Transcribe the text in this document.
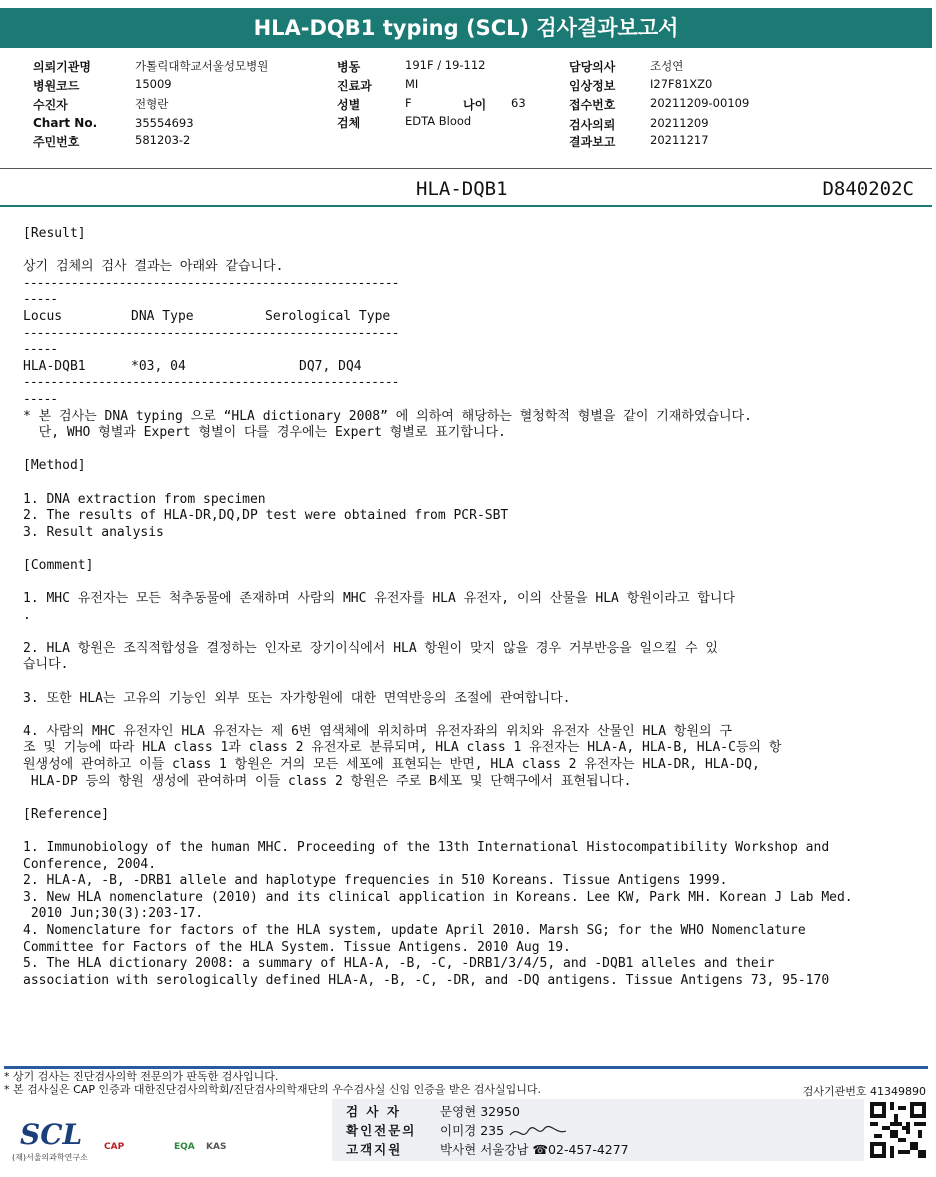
HLA-DQB1 typing (SCL) 검사결과보고서
의뢰기관명	가톨릭대학교서울성모병원
병원코드	15009
수진자	전형란
Chart No.	35554693
주민번호	581203-2
병동	191F / 19-112
진료과	MI
성별	F	나이 63
검체	EDTA Blood
담당의사	조성연
임상정보	I27F81XZ0
접수번호	20211209-00109
검사의뢰	20211209
결과보고	20211217
HLA-DQB1	D840202C

[Result]

상기 검체의 검사 결과는 아래와 같습니다.

------------------------------------------------------------

Locus	DNA Type	Serological Type

------------------------------------------------------------

HLA-DQB1	*03, 04	DQ7, DQ4

------------------------------------------------------------

* 본 검사는 DNA typing 으로 “HLA dictionary 2008” 에 의하여 해당하는 혈청학적 형별을 같이 기재하였습니다.

단, WHO 형별과 Expert 형별이 다를 경우에는 Expert 형별로 표기합니다.

[Method]

1. DNA extraction from specimen

2. The results of HLA-DR,DQ,DP test were obtained from PCR-SBT

3. Result analysis

[Comment]

1. MHC 유전자는 모든 척추동물에 존재하며 사람의 MHC 유전자를 HLA 유전자, 이의 산물을 HLA 항원이라고 합니다
.

2. HLA 항원은 조직적합성을 결정하는 인자로 장기이식에서 HLA 항원이 맞지 않을 경우 거부반응을 일으킬 수 있
습니다.

3. 또한 HLA는 고유의 기능인 외부 또는 자가항원에 대한 면역반응의 조절에 관여합니다.

4. 사람의 MHC 유전자인 HLA 유전자는 제 6번 염색체에 위치하며 유전자좌의 위치와 유전자 산물인 HLA 항원의 구
조 및 기능에 따라 HLA class 1과 class 2 유전자로 분류되며, HLA class 1 유전자는 HLA-A, HLA-B, HLA-C등의 항
원생성에 관여하고 이들 class 1 항원은 거의 모든 세포에 표현되는 반면, HLA class 2 유전자는 HLA-DR, HLA-DQ,
HLA-DP 등의 항원 생성에 관여하며 이들 class 2 항원은 주로 B세포 및 단핵구에서 표현됩니다.

[Reference]

1. Immunobiology of the human MHC. Proceeding of the 13th International Histocompatibility Workshop and
Conference, 2004.

2. HLA-A, -B, -DRB1 allele and haplotype frequencies in 510 Koreans. Tissue Antigens 1999.

3. New HLA nomenclature (2010) and its clinical application in Koreans. Lee KW, Park MH. Korean J Lab Med.
2010 Jun;30(3):203-17.

4. Nomenclature for factors of the HLA system, update April 2010. Marsh SG; for the WHO Nomenclature
Committee for Factors of the HLA System. Tissue Antigens. 2010 Aug 19.

5. The HLA dictionary 2008: a summary of HLA-A, -B, -C, -DRB1/3/4/5, and -DQB1 alleles and their
association with serologically defined HLA-A, -B, -C, -DR, and -DQ antigens. Tissue Antigens 73, 95-170

* 상기 검사는 진단검사의학 전문의가 판독한 검사입니다.
* 본 검사실은 CAP 인증과 대한진단검사의학회/진단검사의학재단의 우수검사실 신임 인증을 받은 검사실입니다.	검사기관번호 41349890
SCL
(재)서울의과학연구소
CAP	EQA KAS
검 사 자	문영현 32950
확인전문의 이미경 235
고객지원	박사현 서울강남 ☎02-457-4277
